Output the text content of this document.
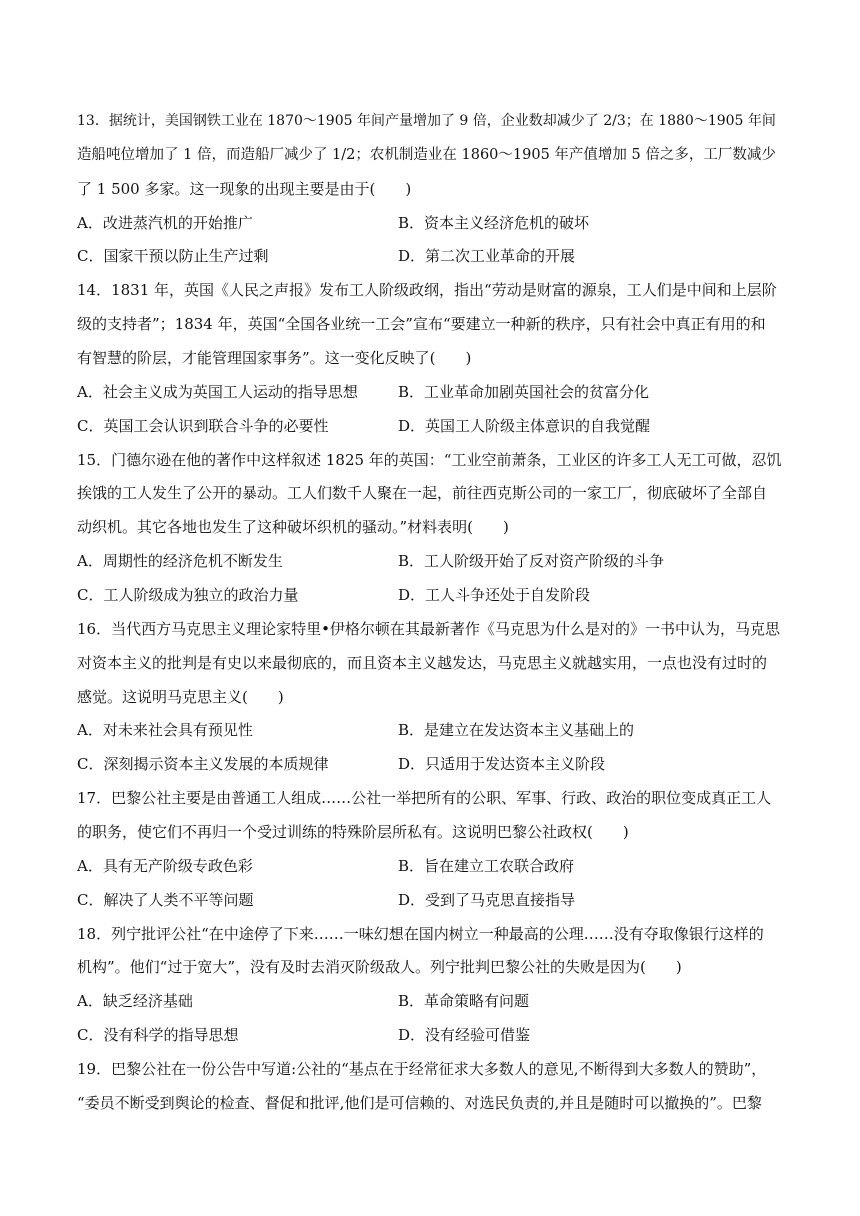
13．据统计，美国钢铁工业在 1870～1905 年间产量增加了 9 倍，企业数却减少了 2/3；在 1880～1905 年间
造船吨位增加了 1 倍，而造船厂减少了 1/2；农机制造业在 1860～1905 年产值增加 5 倍之多，工厂数减少
了 1 500 多家。这一现象的出现主要是由于(　　)
A．改进蒸汽机的开始推广	B．资本主义经济危机的破坏
C．国家干预以防止生产过剩	D．第二次工业革命的开展
14．1831 年，英国《人民之声报》发布工人阶级政纲，指出“劳动是财富的源泉，工人们是中间和上层阶
级的支持者”；1834 年，英国“全国各业统一工会”宣布“要建立一种新的秩序，只有社会中真正有用的和
有智慧的阶层，才能管理国家事务”。这一变化反映了(　　)
A．社会主义成为英国工人运动的指导思想	B．工业革命加剧英国社会的贫富分化
C．英国工会认识到联合斗争的必要性	D．英国工人阶级主体意识的自我觉醒
15．门德尔逊在他的著作中这样叙述 1825 年的英国：“工业空前萧条，工业区的许多工人无工可做，忍饥
挨饿的工人发生了公开的暴动。工人们数千人聚在一起，前往西克斯公司的一家工厂，彻底破坏了全部自
动织机。其它各地也发生了这种破坏织机的骚动。”材料表明(　　)
A．周期性的经济危机不断发生	B．工人阶级开始了反对资产阶级的斗争
C．工人阶级成为独立的政治力量	D．工人斗争还处于自发阶段
16．当代西方马克思主义理论家特里•伊格尔顿在其最新著作《马克思为什么是对的》一书中认为，马克思
对资本主义的批判是有史以来最彻底的，而且资本主义越发达，马克思主义就越实用，一点也没有过时的
感觉。这说明马克思主义(　　)
A．对未来社会具有预见性	B．是建立在发达资本主义基础上的
C．深刻揭示资本主义发展的本质规律	D．只适用于发达资本主义阶段
17．巴黎公社主要是由普通工人组成……公社一举把所有的公职、军事、行政、政治的职位变成真正工人
的职务，使它们不再归一个受过训练的特殊阶层所私有。这说明巴黎公社政权(　　)
A．具有无产阶级专政色彩	B．旨在建立工农联合政府
C．解决了人类不平等问题	D．受到了马克思直接指导
18．列宁批评公社“在中途停了下来……一味幻想在国内树立一种最高的公理……没有夺取像银行这样的
机构”。他们“过于宽大”，没有及时去消灭阶级敌人。列宁批判巴黎公社的失败是因为(　　)
A．缺乏经济基础	B．革命策略有问题
C．没有科学的指导思想	D．没有经验可借鉴
19．巴黎公社在一份公告中写道:公社的“基点在于经常征求大多数人的意见,不断得到大多数人的赞助”，
“委员不断受到舆论的检查、督促和批评,他们是可信赖的、对选民负责的,并且是随时可以撤换的”。巴黎
